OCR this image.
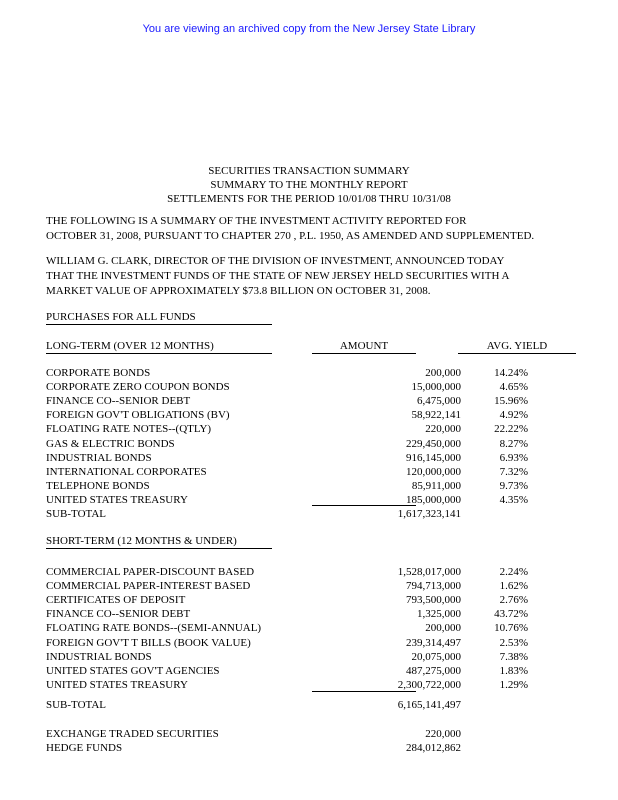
You are viewing an archived copy from the New Jersey State Library
SECURITIES TRANSACTION SUMMARY
SUMMARY TO THE MONTHLY REPORT
SETTLEMENTS FOR THE PERIOD 10/01/08 THRU 10/31/08
THE FOLLOWING IS A SUMMARY OF THE INVESTMENT ACTIVITY REPORTED FOR
OCTOBER 31, 2008, PURSUANT TO CHAPTER 270 , P.L. 1950, AS AMENDED AND SUPPLEMENTED.
WILLIAM G. CLARK, DIRECTOR OF THE DIVISION OF INVESTMENT, ANNOUNCED TODAY
THAT THE INVESTMENT FUNDS OF THE STATE OF NEW JERSEY HELD SECURITIES WITH A
MARKET VALUE OF APPROXIMATELY $73.8 BILLION ON OCTOBER 31, 2008.
PURCHASES FOR ALL FUNDS
LONG-TERM (OVER 12 MONTHS)	AMOUNT	AVG. YIELD
CORPORATE BONDS	200,000	14.24%
CORPORATE ZERO COUPON BONDS	15,000,000	4.65%
FINANCE CO--SENIOR DEBT	6,475,000	15.96%
FOREIGN GOV'T OBLIGATIONS (BV)	58,922,141	4.92%
FLOATING RATE NOTES--(QTLY)	220,000	22.22%
GAS & ELECTRIC BONDS	229,450,000	8.27%
INDUSTRIAL BONDS	916,145,000	6.93%
INTERNATIONAL CORPORATES	120,000,000	7.32%
TELEPHONE BONDS	85,911,000	9.73%
UNITED STATES TREASURY	185,000,000	4.35%
SUB-TOTAL	1,617,323,141
SHORT-TERM (12 MONTHS & UNDER)
COMMERCIAL PAPER-DISCOUNT BASED	1,528,017,000	2.24%
COMMERCIAL PAPER-INTEREST BASED	794,713,000	1.62%
CERTIFICATES OF DEPOSIT	793,500,000	2.76%
FINANCE CO--SENIOR DEBT	1,325,000	43.72%
FLOATING RATE BONDS--(SEMI-ANNUAL)	200,000	10.76%
FOREIGN GOV'T T BILLS (BOOK VALUE)	239,314,497	2.53%
INDUSTRIAL BONDS	20,075,000	7.38%
UNITED STATES GOV'T AGENCIES	487,275,000	1.83%
UNITED STATES TREASURY	2,300,722,000	1.29%
SUB-TOTAL	6,165,141,497
EXCHANGE TRADED SECURITIES	220,000
HEDGE FUNDS	284,012,862
